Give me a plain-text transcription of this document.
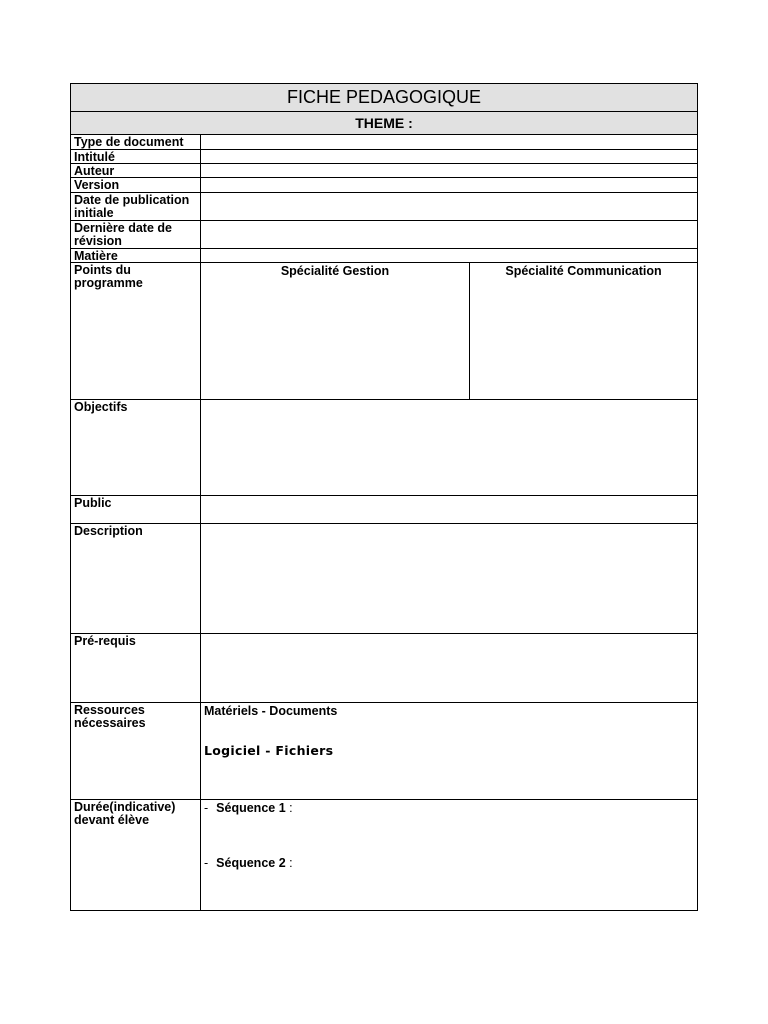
FICHE PEDAGOGIQUE
THEME :
Type de document
Intitulé
Auteur
Version
Date de publication initiale
Dernière date de révision
Matière
Points du programme
Spécialité Gestion	Spécialité Communication
Objectifs
Public
Description
Pré-requis
Ressources nécessaires
Matériels - Documents
Logiciel - Fichiers
Durée(indicative) devant élève
- Séquence 1 :
- Séquence 2 :
